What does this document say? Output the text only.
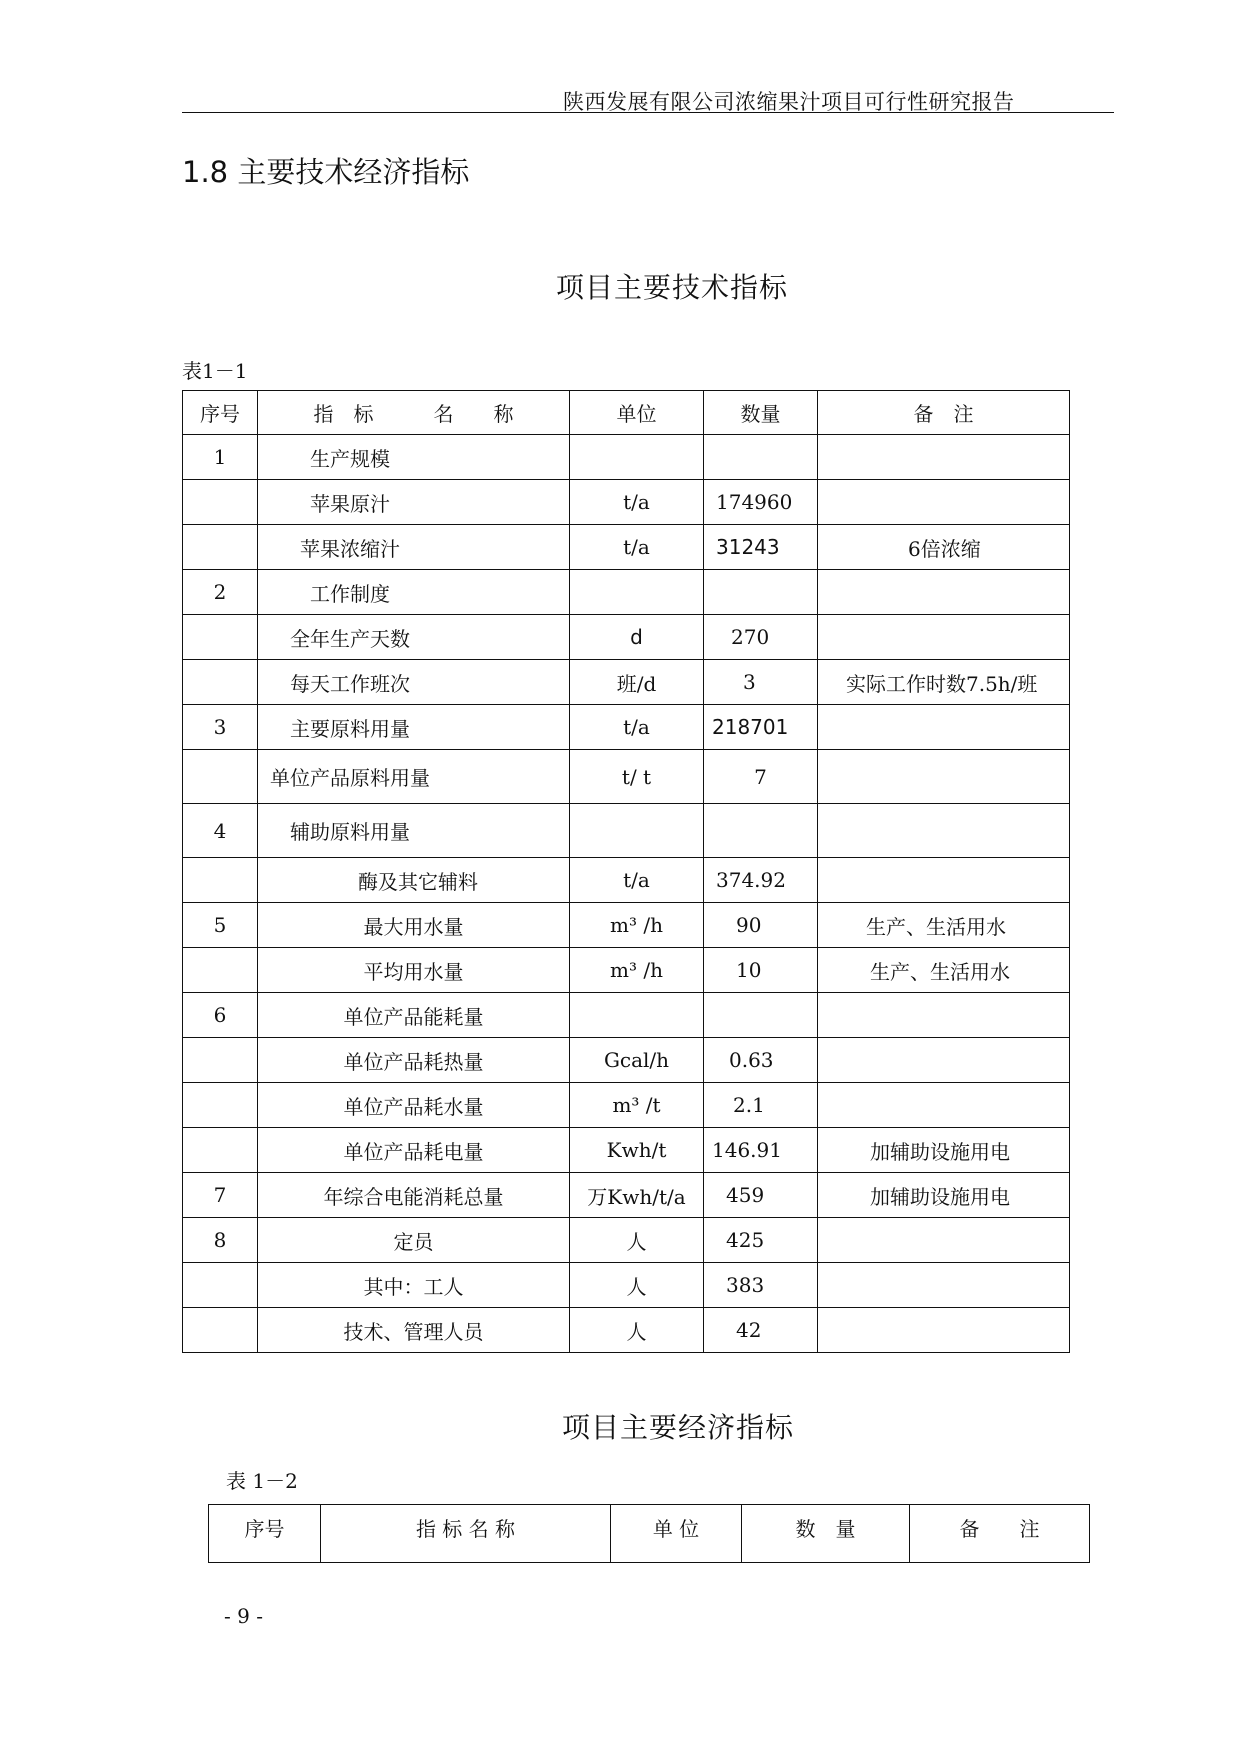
陕西发展有限公司浓缩果汁项目可行性研究报告
1.8 主要技术经济指标
项目主要技术指标
表1－1
序号	指　标　　　名　　称	单位	数量	备　注
1	生产规模			
	苹果原汁	t/a	174960	
	苹果浓缩汁	t/a	31243	6倍浓缩
2	工作制度			
	全年生产天数	d	270	
	每天工作班次	班/d	3	实际工作时数7.5h/班
3	主要原料用量	t/a	218701	
	单位产品原料用量	t/ t	7	
4	辅助原料用量			
	酶及其它辅料	t/a	374.92	
5	最大用水量	m³ /h	90	生产、生活用水
	平均用水量	m³ /h	10	生产、生活用水
6	单位产品能耗量			
	单位产品耗热量	Gcal/h	0.63	
	单位产品耗水量	m³ /t	2.1	
	单位产品耗电量	Kwh/t	146.91	加辅助设施用电
7	年综合电能消耗总量	万Kwh/t/a	459	加辅助设施用电
8	定员	人	425	
	其中：工人	人	383	
	技术、管理人员	人	42	
项目主要经济指标
表 1－2
序号	指 标 名 称	单 位	数　量	备　　注
- 9 -
